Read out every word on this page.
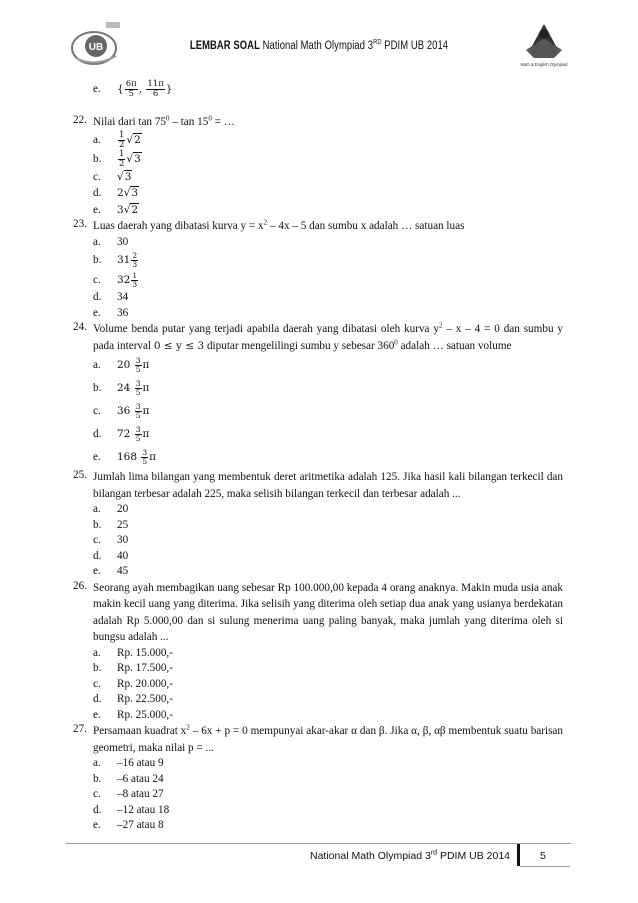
UB	LEMBAR SOAL National Math Olympiad 3RD PDIM UB 2014
Math & English Olympiad
e.	{ $\frac{6\pi}{5}$ , $\frac{11\pi}{6}$ }
22. Nilai dari $\tan 75^0$ – $\tan 15^0$ = …
a.	$\frac{1}{2} √2$
b.	$\frac{1}{2} √3$
c.	√3
d.	2√3
e.	3√2
23. Luas daerah yang dibatasi kurva $y = x^2 - 4x - 5$ dan sumbu x adalah … satuan luas
a.	30
b.	$31 \frac{2}{3}$
c.	$32 \frac{1}{3}$
d.	34
e.	36
24. Volume benda putar yang terjadi apabila daerah yang dibatasi oleh kurva $y^2 - x - 4 = 0$ dan sumbu y pada interval 0 ≤ y ≤ 3 diputar mengelilingi sumbu y sebesar $360^0$ adalah … satuan volume
a.	20
$\frac{3}{5}$ π
b.	24
$\frac{3}{5}$ π
c.	36
$\frac{3}{5}$ π
d.	72
$\frac{3}{5}$ π
e.	168
$\frac{3}{5}$ π
25. Jumlah lima bilangan yang membentuk deret aritmetika adalah 125. Jika hasil kali bilangan terkecil dan bilangan terbesar adalah 225, maka selisih bilangan terkecil dan terbesar adalah ...
a.	20
b.	25
c.	30
d.	40
e.	45
26. Seorang ayah membagikan uang sebesar Rp 100.000,00 kepada 4 orang anaknya. Makin muda usia anak makin kecil uang yang diterima. Jika selisih yang diterima oleh setiap dua anak yang usianya berdekatan adalah Rp 5.000,00 dan si sulung menerima uang paling banyak, maka jumlah yang diterima oleh si bungsu adalah ...
a.	Rp. 15.000,-
b.	Rp. 17.500,-
c.	Rp. 20.000,-
d.	Rp. 22.500,-
e.	Rp. 25.000,-
27. Persamaan kuadrat $x^2 - 6x + p = 0$ mempunyai akar-akar α dan β. Jika α, β, αβ membentuk suatu barisan geometri, maka nilai p = ...
a.	–16 atau 9
b.	–6 atau 24
c.	–8 atau 27
d.	–12 atau 18
e.	–27 atau 8
National Math Olympiad 3rd PDIM UB 2014	5
